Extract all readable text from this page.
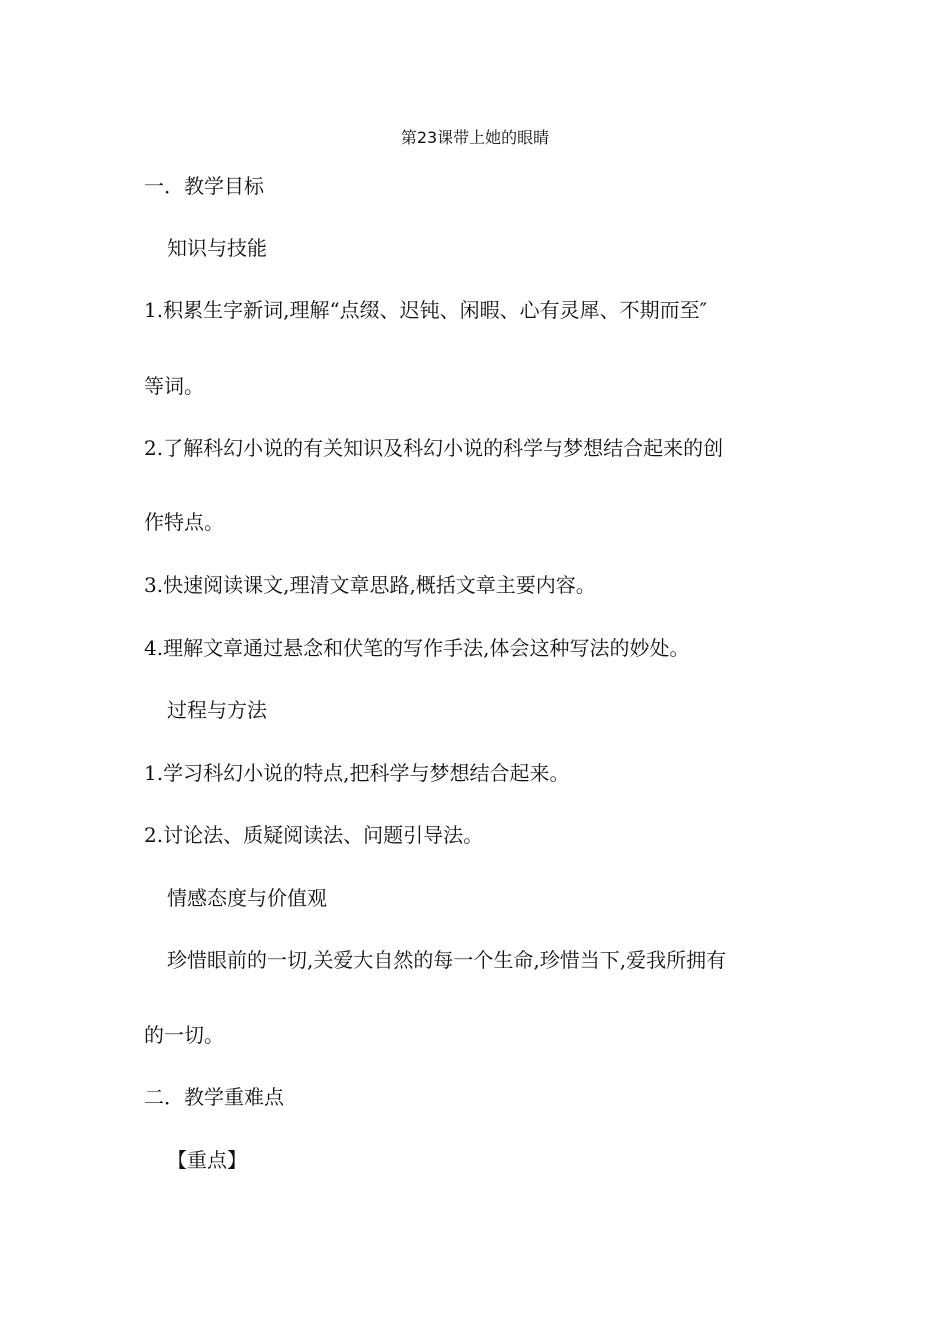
第23课带上她的眼睛
一．教学目标
知识与技能
1.积累生字新词,理解“点缀、迟钝、闲暇、心有灵犀、不期而至″
等词。
2.了解科幻小说的有关知识及科幻小说的科学与梦想结合起来的创
作特点。
3.快速阅读课文,理清文章思路,概括文章主要内容。
4.理解文章通过悬念和伏笔的写作手法,体会这种写法的妙处。
过程与方法
1.学习科幻小说的特点,把科学与梦想结合起来。
2.讨论法、质疑阅读法、问题引导法。
情感态度与价值观
珍惜眼前的一切,关爱大自然的每一个生命,珍惜当下,爱我所拥有
的一切。
二．教学重难点
【重点】
